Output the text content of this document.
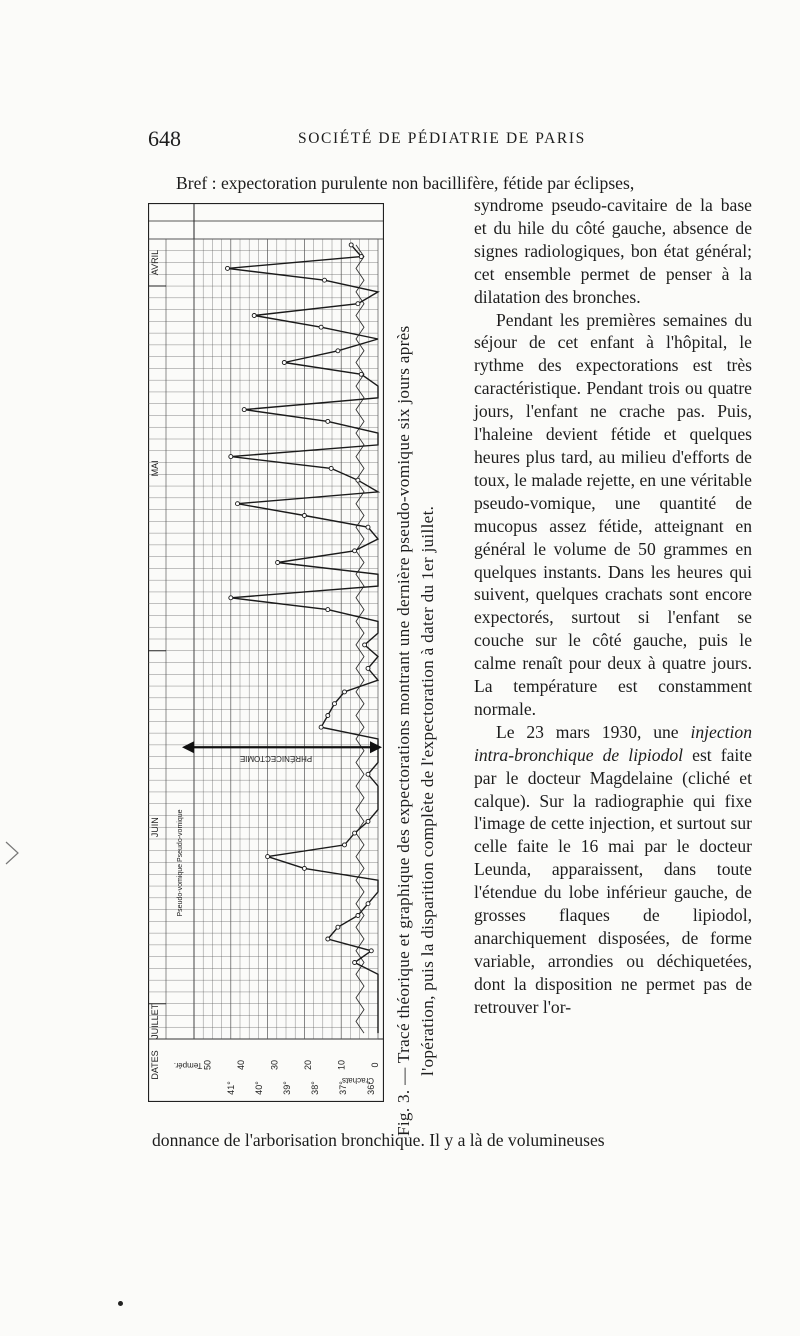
648	SOCIÉTÉ DE PÉDIATRIE DE PARIS
Bref : expectoration purulente non bacillifère, fétide par éclipses,
AVRIL
MAI
JUIN
JUILLET
DATES
Crachats
Tempér. 50	40	30	20	10	0
41° 40° 39° 38° 37° 36°
Pseudo-vomique Pseudo-vomique
PHRÉNICECTOMIE	Fig. 3. — Tracé théorique et graphique des expectorations montrant une dernière pseudo-vomique six jours après l'opération, puis la disparition complète de l'expectoration à dater du 1er juillet.

syndrome pseudo-cavitaire de la base et du hile du côté gauche, absence de signes radiologiques, bon état général; cet ensemble permet de penser à la dilatation des bronches.

Pendant les premières semaines du séjour de cet enfant à l'hôpital, le rythme des expectorations est très caractéristique. Pendant trois ou quatre jours, l'enfant ne crache pas. Puis, l'haleine devient fétide et quelques heures plus tard, au milieu d'efforts de toux, le malade rejette, en une véritable pseudo-vomique, une quantité de mucopus assez fétide, atteignant en général le volume de 50 grammes en quelques instants. Dans les heures qui suivent, quelques crachats sont encore expectorés, surtout si l'enfant se couche sur le côté gauche, puis le calme renaît pour deux à quatre jours. La température est constamment normale.

Le 23 mars 1930, une injection intra-bronchique de lipiodol est faite par le docteur Magdelaine (cliché et calque). Sur la radiographie qui fixe l'image de cette injection, et surtout sur celle faite le 16 mai par le docteur Leunda, apparaissent, dans toute l'étendue du lobe inférieur gauche, de grosses flaques de lipiodol, anarchiquement disposées, de forme variable, arrondies ou déchiquetées, dont la disposition ne permet pas de retrouver l'or-

donnance de l'arborisation bronchique. Il y a là de volumineuses
